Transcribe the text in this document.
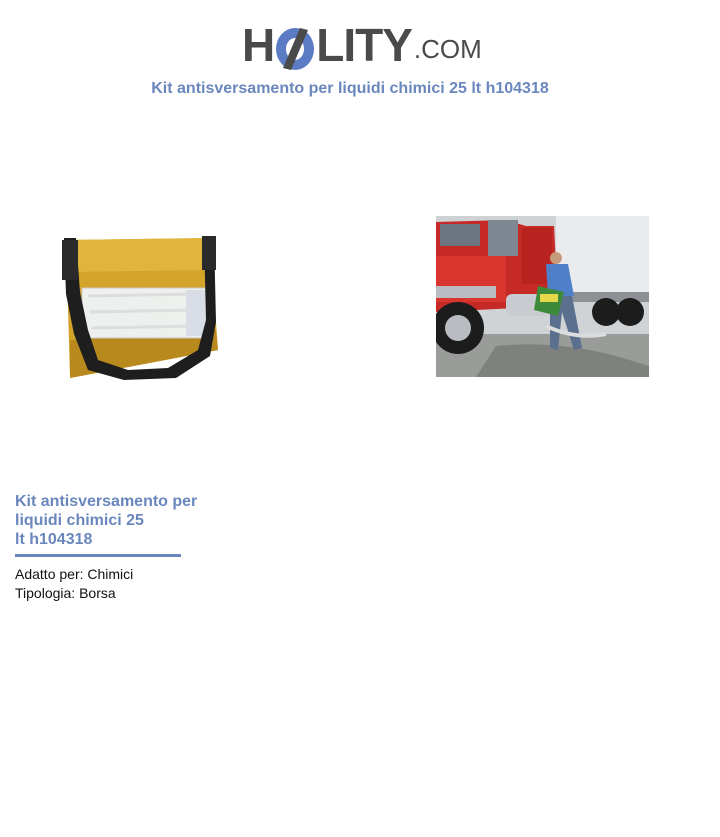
H LITY .COM
Kit antisversamento per liquidi chimici 25 lt h104318
Kit antisversamento per
liquidi chimici 25
lt h104318
Adatto per: Chimici
Tipologia: Borsa
